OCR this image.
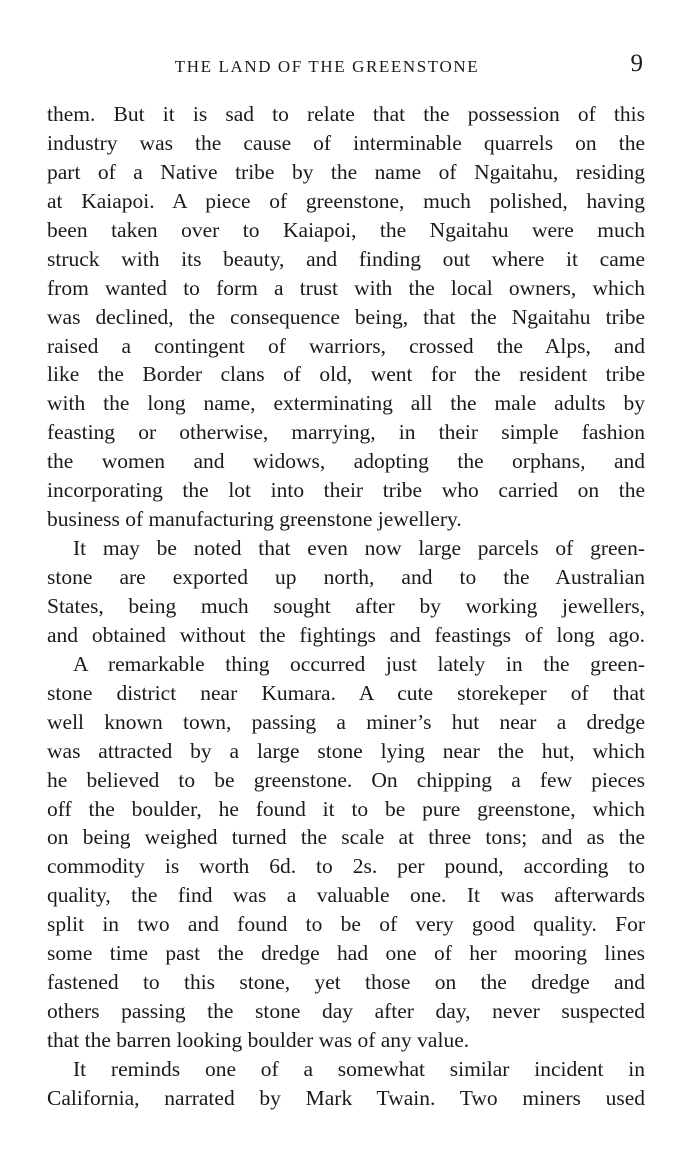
THE LAND OF THE GREENSTONE	9
them. But it is sad to relate that the possession of this
industry was the cause of interminable quarrels on the
part of a Native tribe by the name of Ngaitahu, residing
at Kaiapoi. A piece of greenstone, much polished, having
been taken over to Kaiapoi, the Ngaitahu were much
struck with its beauty, and finding out where it came
from wanted to form a trust with the local owners, which
was declined, the consequence being, that the Ngaitahu tribe
raised a contingent of warriors, crossed the Alps, and
like the Border clans of old, went for the resident tribe
with the long name, exterminating all the male adults by
feasting or otherwise, marrying, in their simple fashion
the women and widows, adopting the orphans, and
incorporating the lot into their tribe who carried on the
business of manufacturing greenstone jewellery.
It may be noted that even now large parcels of green-
stone are exported up north, and to the Australian
States, being much sought after by working jewellers,
and obtained without the fightings and feastings of long ago.
A remarkable thing occurred just lately in the green-
stone district near Kumara. A cute storekeper of that
well known town, passing a miner’s hut near a dredge
was attracted by a large stone lying near the hut, which
he believed to be greenstone. On chipping a few pieces
off the boulder, he found it to be pure greenstone, which
on being weighed turned the scale at three tons; and as the
commodity is worth 6d. to 2s. per pound, according to
quality, the find was a valuable one. It was afterwards
split in two and found to be of very good quality. For
some time past the dredge had one of her mooring lines
fastened to this stone, yet those on the dredge and
others passing the stone day after day, never suspected
that the barren looking boulder was of any value.
It reminds one of a somewhat similar incident in
California, narrated by Mark Twain. Two miners used
